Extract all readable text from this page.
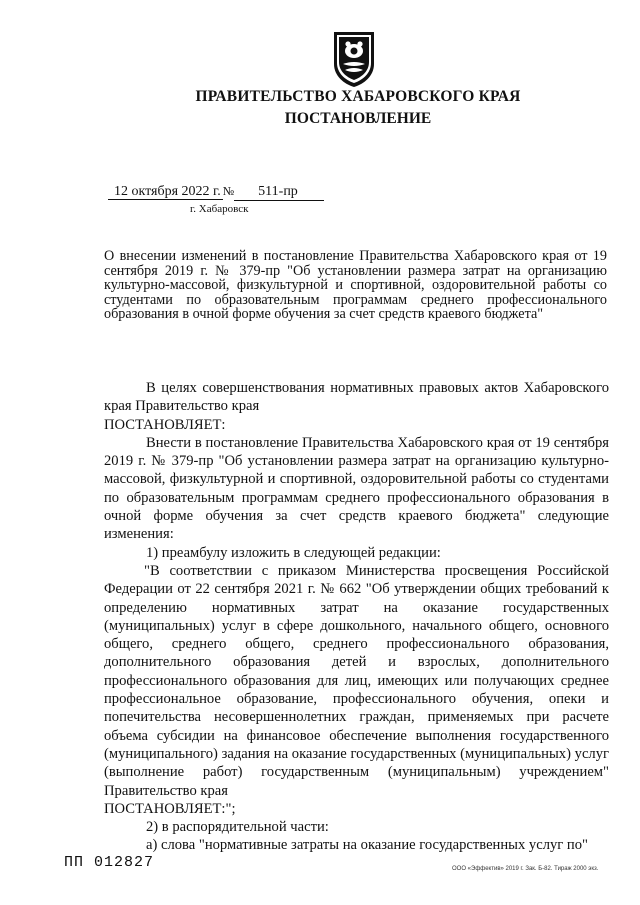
ПРАВИТЕЛЬСТВО ХАБАРОВСКОГО КРАЯ
ПОСТАНОВЛЕНИЕ
12 октября 2022 г. № 511-пр
г. Хабаровск
О внесении изменений в постановление Правительства Хабаровского края от 19 сентября 2019 г. № 379-пр "Об установлении размера затрат на организацию культурно-массовой, физкультурной и спортивной, оздоровительной работы со студентами по образовательным программам среднего профессионального образования в очной форме обучения за счет средств краевого бюджета"

В целях совершенствования нормативных правовых актов Хабаровского края Правительство края

ПОСТАНОВЛЯЕТ:

Внести в постановление Правительства Хабаровского края от 19 сентября 2019 г. № 379-пр "Об установлении размера затрат на организацию культурно-массовой, физкультурной и спортивной, оздоровительной работы со студентами по образовательным программам среднего профессионального образования в очной форме обучения за счет средств краевого бюджета" следующие изменения:

1) преамбулу изложить в следующей редакции:

"В соответствии с приказом Министерства просвещения Российской Федерации от 22 сентября 2021 г. № 662 "Об утверждении общих требований к определению нормативных затрат на оказание государственных (муниципальных) услуг в сфере дошкольного, начального общего, основного общего, среднего общего, среднего профессионального образования, дополнительного образования детей и взрослых, дополнительного профессионального образования для лиц, имеющих или получающих среднее профессиональное образование, профессионального обучения, опеки и попечительства несовершеннолетних граждан, применяемых при расчете объема субсидии на финансовое обеспечение выполнения государственного (муниципального) задания на оказание государственных (муниципальных) услуг (выполнение работ) государственным (муниципальным) учреждением" Правительство края

ПОСТАНОВЛЯЕТ:";

2) в распорядительной части:

а) слова "нормативные затраты на оказание государственных услуг по"

ПП 012827	ООО «Эффектив» 2019 г. Зак. Б-82. Тираж 2000 экз.
